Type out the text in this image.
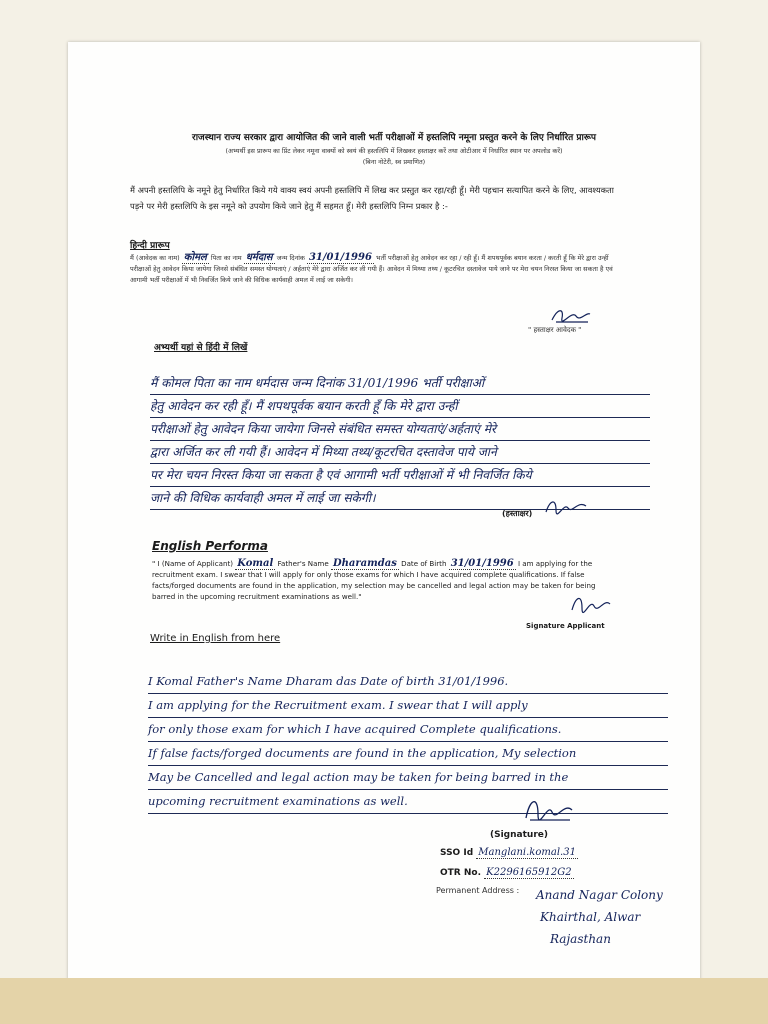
राजस्थान राज्य सरकार द्वारा आयोजित की जाने वाली भर्ती परीक्षाओं में हस्तलिपि नमूना प्रस्तुत करने के लिए निर्धारित प्रारूप
(अभ्यर्थी इस प्रारूप का प्रिंट लेकर नमूना वाक्यों को स्वयं की हस्तलिपि में लिखकर हस्ताक्षर करें तथा ओटीआर में निर्धारित स्थान पर अपलोड करें)
(बिना नोटेरी, स्व प्रमाणित)
मैं अपनी हस्तलिपि के नमूने हेतु निर्धारित किये गये वाक्य स्वयं अपनी हस्तलिपि में लिख कर प्रस्तुत कर रहा/रही हूँ। मेरी पहचान सत्यापित करने के लिए, आवश्यकता पड़ने पर मेरी हस्तलिपि के इस नमूने को उपयोग किये जाने हेतु मैं सहमत हूँ। मेरी हस्तलिपि निम्न प्रकार है :-
हिन्दी प्रारूप
मैं (आवेदक का नाम) कोमल पिता का नाम धर्मदास जन्म दिनांक 31/01/1996 भर्ती परीक्षाओं हेतु आवेदन कर रहा / रही हूँ। मैं शपथपूर्वक बयान करता / करती हूँ कि मेरे द्वारा उन्हीं परीक्षाओं हेतु आवेदन किया जायेगा जिनसे संबंधित समस्त योग्यताएं / अर्हताएं मेरे द्वारा अर्जित कर ली गयी हैं। आवेदन में मिथ्या तथ्य / कूटरचित दस्तावेज पाये जाने पर मेरा चयन निरस्त किया जा सकता है एवं आगामी भर्ती परीक्षाओं में भी निवर्जित किये जाने की विधिक कार्यवाही अमल में लाई जा सकेगी।
" हस्ताक्षर आवेदक "
अभ्यर्थी यहां से हिंदी में लिखें
मैं कोमल पिता का नाम धर्मदास जन्म दिनांक 31/01/1996 भर्ती परीक्षाओं
हेतु आवेदन कर रही हूँ। मैं शपथपूर्वक बयान करती हूँ कि मेरे द्वारा उन्हीं
परीक्षाओं हेतु आवेदन किया जायेगा जिनसे संबंधित समस्त योग्यताएं/अर्हताएं मेरे
द्वारा अर्जित कर ली गयी हैं। आवेदन में मिथ्या तथ्य/कूटरचित दस्तावेज पाये जाने
पर मेरा चयन निरस्त किया जा सकता है एवं आगामी भर्ती परीक्षाओं में भी निवर्जित किये
जाने की विधिक कार्यवाही अमल में लाई जा सकेगी।
(हस्ताक्षर)
English Performa
" I (Name of Applicant) Komal Father's Name Dharamdas Date of Birth 31/01/1996 I am applying for the recruitment exam. I swear that I will apply for only those exams for which I have acquired complete qualifications. If false facts/forged documents are found in the application, my selection may be cancelled and legal action may be taken for being barred in the upcoming recruitment examinations as well."
Signature Applicant
Write in English from here
I Komal Father's Name Dharam das Date of birth 31/01/1996.
I am applying for the Recruitment exam. I swear that I will apply
for only those exam for which I have acquired Complete qualifications.
If false facts/forged documents are found in the application, My selection
May be Cancelled and legal action may be taken for being barred in the
upcoming recruitment examinations as well.
(Signature)
SSO Id Manglani.komal.31
OTR No. K2296165912G2
Permanent Address : Anand Nagar Colony
Khairthal, Alwar
Rajasthan
